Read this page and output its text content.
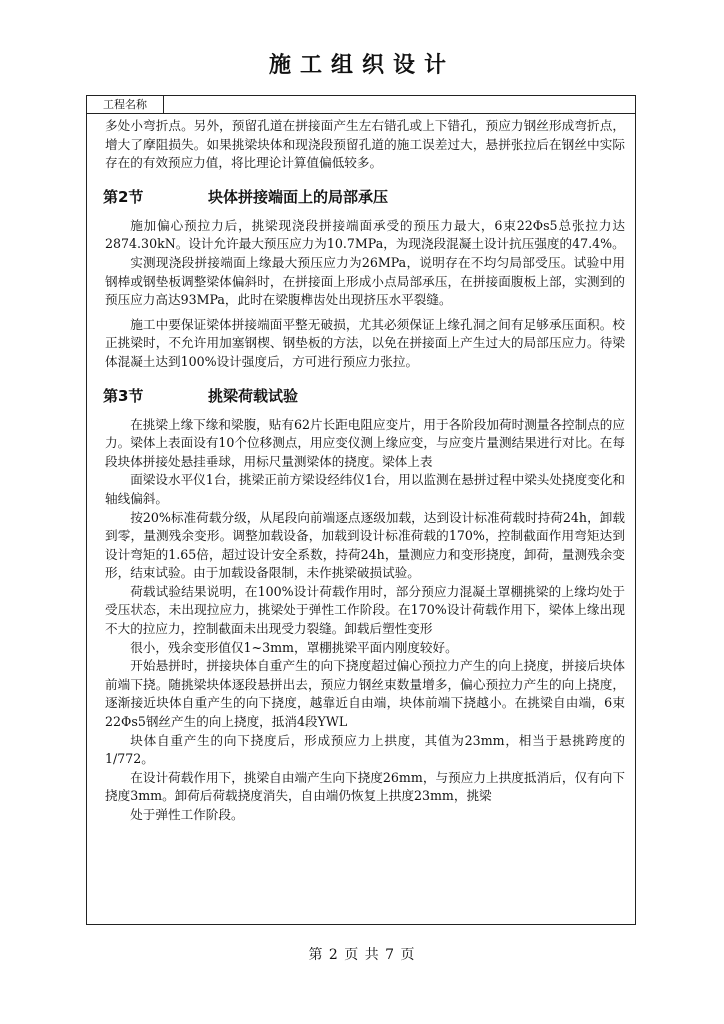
施工组织设计
工程名称

多处小弯折点。另外，预留孔道在拼接面产生左右错孔或上下错孔，预应力钢丝形成弯折点，增大了摩阻损失。如果挑梁块体和现浇段预留孔道的施工误差过大，悬拼张拉后在钢丝中实际存在的有效预应力值，将比理论计算值偏低较多。

第2节	块体拼接端面上的局部承压

施加偏心预拉力后，挑梁现浇段拼接端面承受的预压力最大，6束22Φs5总张拉力达2874.30kN。设计允许最大预压应力为10.7MPa，为现浇段混凝土设计抗压强度的47.4%。

实测现浇段拼接端面上缘最大预压应力为26MPa，说明存在不均匀局部受压。试验中用钢棒或钢垫板调整梁体偏斜时，在拼接面上形成小点局部承压，在拼接面腹板上部，实测到的预压应力高达93MPa，此时在梁腹榫齿处出现挤压水平裂缝。

施工中要保证梁体拼接端面平整无破损，尤其必须保证上缘孔洞之间有足够承压面积。校正挑梁时，不允许用加塞钢楔、钢垫板的方法，以免在拼接面上产生过大的局部压应力。待梁体混凝土达到100%设计强度后，方可进行预应力张拉。

第3节	挑梁荷载试验

在挑梁上缘下缘和梁腹，贴有62片长距电阻应变片，用于各阶段加荷时测量各控制点的应力。梁体上表面设有10个位移测点，用应变仪测上缘应变，与应变片量测结果进行对比。在每段块体拼接处悬挂垂球，用标尺量测梁体的挠度。梁体上表

面梁设水平仪1台，挑梁正前方梁设经纬仪1台，用以监测在悬拼过程中梁头处挠度变化和轴线偏斜。

按20%标准荷载分级，从尾段向前端逐点逐级加载，达到设计标准荷载时持荷24h，卸载到零，量测残余变形。调整加载设备，加载到设计标准荷载的170%，控制截面作用弯矩达到设计弯矩的1.65倍，超过设计安全系数，持荷24h，量测应力和变形挠度，卸荷，量测残余变形，结束试验。由于加载设备限制，未作挑梁破损试验。

荷载试验结果说明，在100%设计荷载作用时，部分预应力混凝土罩棚挑梁的上缘均处于受压状态，未出现拉应力，挑梁处于弹性工作阶段。在170%设计荷载作用下，梁体上缘出现不大的拉应力，控制截面未出现受力裂缝。卸载后塑性变形

很小，残余变形值仅1~3mm，罩棚挑梁平面内刚度较好。

开始悬拼时，拼接块体自重产生的向下挠度超过偏心预拉力产生的向上挠度，拼接后块体前端下挠。随挑梁块体逐段悬拼出去，预应力钢丝束数量增多，偏心预拉力产生的向上挠度，逐渐接近块体自重产生的向下挠度，越靠近自由端，块体前端下挠越小。在挑梁自由端，6束22Φs5钢丝产生的向上挠度，抵消4段YWL

块体自重产生的向下挠度后，形成预应力上拱度，其值为23mm，相当于悬挑跨度的1/772。

在设计荷载作用下，挑梁自由端产生向下挠度26mm，与预应力上拱度抵消后，仅有向下挠度3mm。卸荷后荷载挠度消失，自由端仍恢复上拱度23mm，挑梁

处于弹性工作阶段。

第 2 页 共 7 页
